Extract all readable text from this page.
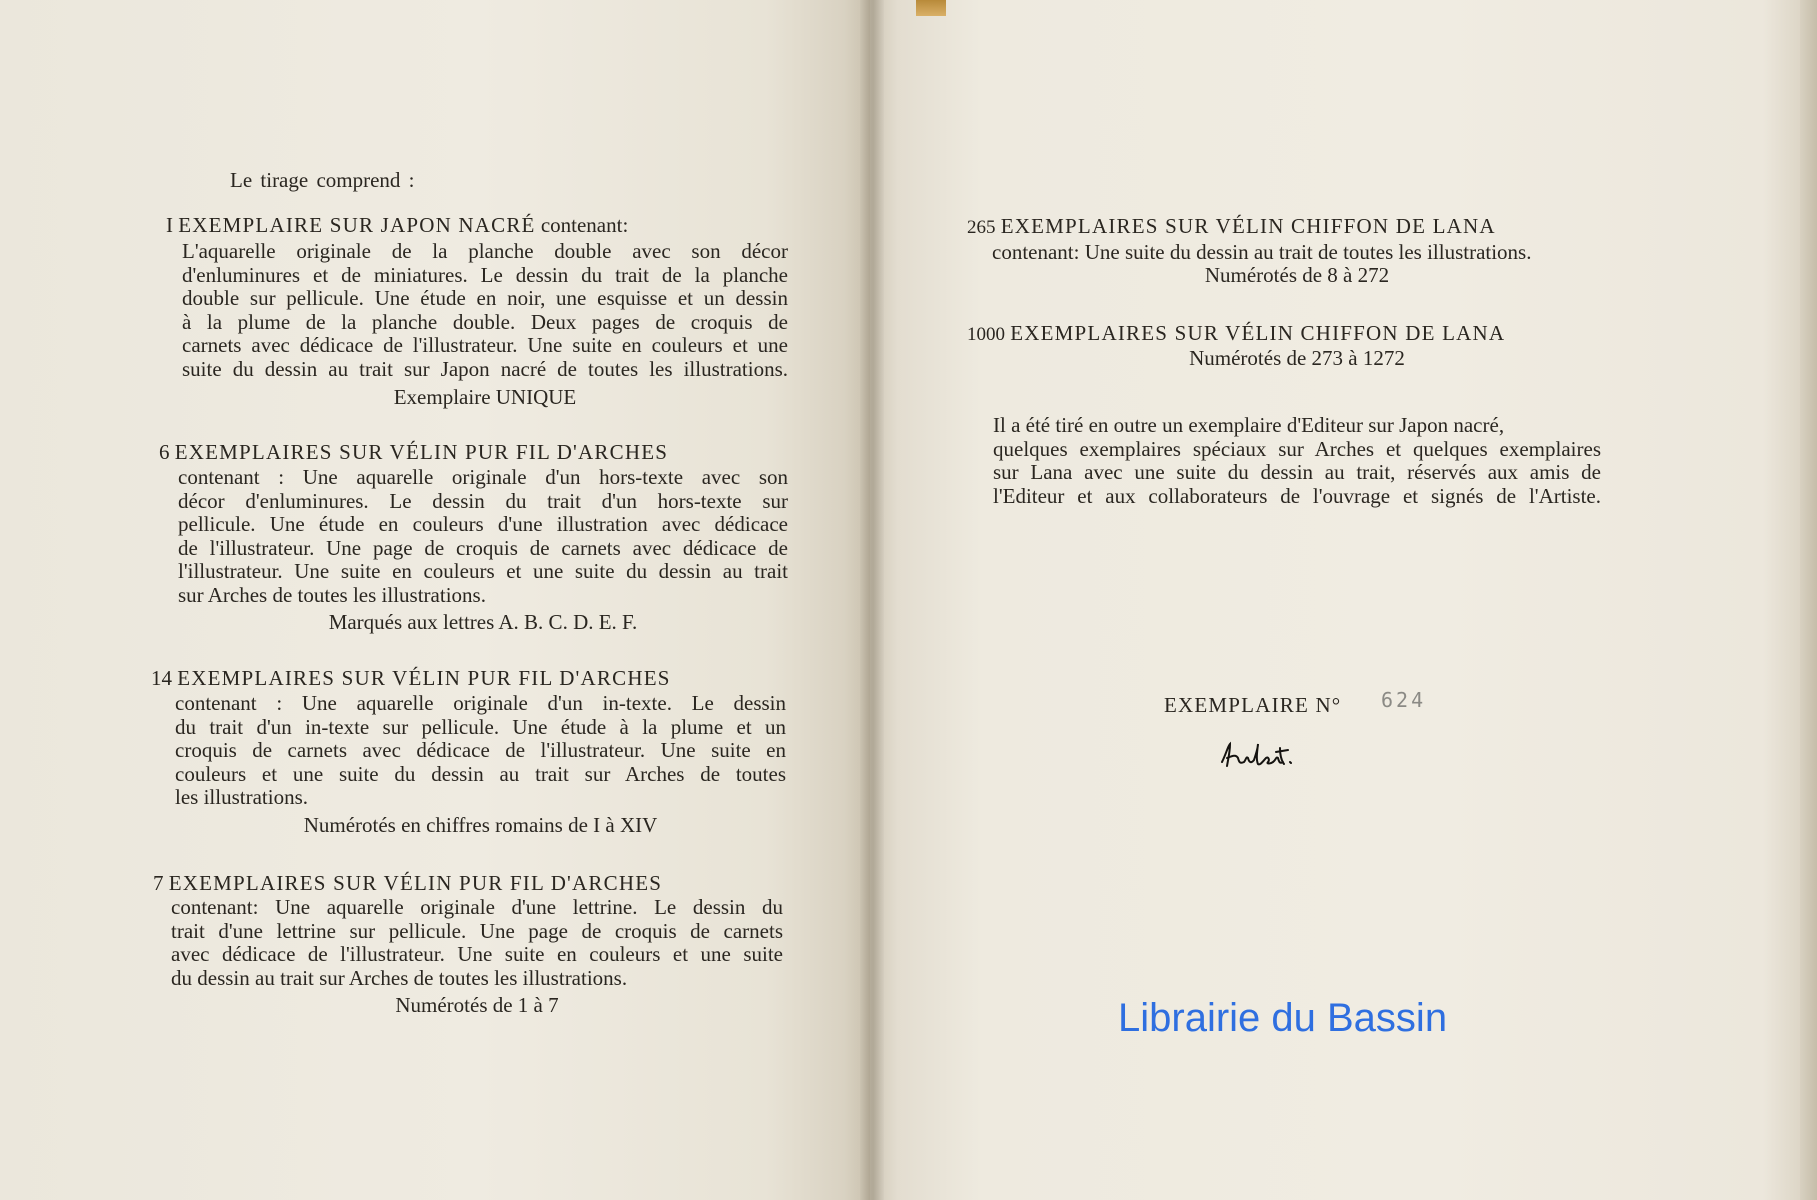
Le tirage comprend :
I EXEMPLAIRE SUR JAPON NACRÉ contenant:
L'aquarelle originale de la planche double avec son décor
d'enluminures et de miniatures. Le dessin du trait de la planche
double sur pellicule. Une étude en noir, une esquisse et un dessin
à la plume de la planche double. Deux pages de croquis de
carnets avec dédicace de l'illustrateur. Une suite en couleurs et une
suite du dessin au trait sur Japon nacré de toutes les illustrations.
Exemplaire UNIQUE
6 EXEMPLAIRES SUR VÉLIN PUR FIL D'ARCHES
contenant : Une aquarelle originale d'un hors-texte avec son
décor d'enluminures. Le dessin du trait d'un hors-texte sur
pellicule. Une étude en couleurs d'une illustration avec dédicace
de l'illustrateur. Une page de croquis de carnets avec dédicace de
l'illustrateur. Une suite en couleurs et une suite du dessin au trait
sur Arches de toutes les illustrations.
Marqués aux lettres A. B. C. D. E. F.
14 EXEMPLAIRES SUR VÉLIN PUR FIL D'ARCHES
contenant : Une aquarelle originale d'un in-texte. Le dessin
du trait d'un in-texte sur pellicule. Une étude à la plume et un
croquis de carnets avec dédicace de l'illustrateur. Une suite en
couleurs et une suite du dessin au trait sur Arches de toutes
les illustrations.
Numérotés en chiffres romains de I à XIV
7 EXEMPLAIRES SUR VÉLIN PUR FIL D'ARCHES
contenant: Une aquarelle originale d'une lettrine. Le dessin du
trait d'une lettrine sur pellicule. Une page de croquis de carnets
avec dédicace de l'illustrateur. Une suite en couleurs et une suite
du dessin au trait sur Arches de toutes les illustrations.
Numérotés de 1 à 7
265 EXEMPLAIRES SUR VÉLIN CHIFFON DE LANA
contenant: Une suite du dessin au trait de toutes les illustrations.
Numérotés de 8 à 272
1000 EXEMPLAIRES SUR VÉLIN CHIFFON DE LANA
Numérotés de 273 à 1272
Il a été tiré en outre un exemplaire d'Editeur sur Japon nacré,
quelques exemplaires spéciaux sur Arches et quelques exemplaires
sur Lana avec une suite du dessin au trait, réservés aux amis de
l'Editeur et aux collaborateurs de l'ouvrage et signés de l'Artiste.
EXEMPLAIRE N° 624
Librairie du Bassin
